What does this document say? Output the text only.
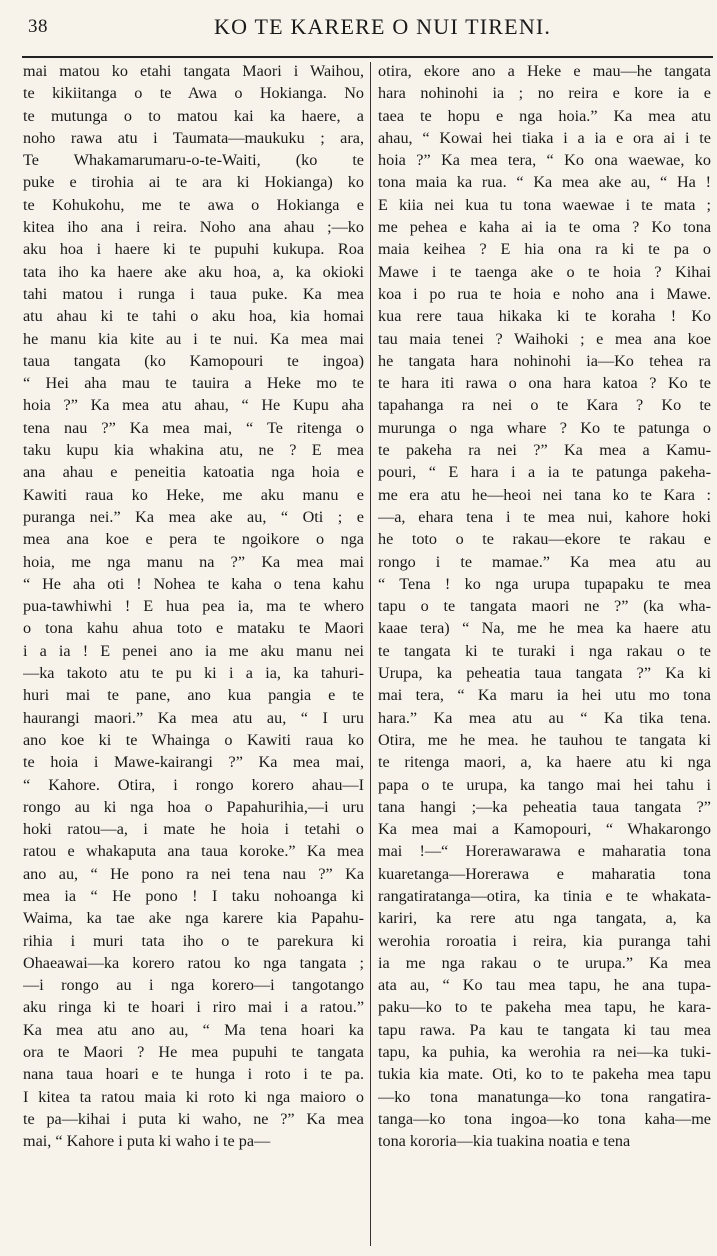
38	KO TE KARERE O NUI TIRENI.
mai matou ko etahi tangata Maori i Waihou,
te kikiitanga o te Awa o Hokianga. No
te mutunga o to matou kai ka haere, a
noho rawa atu i Taumata—maukuku ; ara,
Te Whakamarumaru-o-te-Waiti, (ko te
puke e tirohia ai te ara ki Hokianga) ko
te Kohukohu, me te awa o Hokianga e
kitea iho ana i reira. Noho ana ahau ;—ko
aku hoa i haere ki te pupuhi kukupa. Roa
tata iho ka haere ake aku hoa, a, ka okioki
tahi matou i runga i taua puke. Ka mea
atu ahau ki te tahi o aku hoa, kia homai
he manu kia kite au i te nui. Ka mea mai
taua tangata (ko Kamopouri te ingoa)
“ Hei aha mau te tauira a Heke mo te
hoia ?” Ka mea atu ahau, “ He Kupu aha
tena nau ?” Ka mea mai, “ Te ritenga o
taku kupu kia whakina atu, ne ? E mea
ana ahau e peneitia katoatia nga hoia e
Kawiti raua ko Heke, me aku manu e
puranga nei.” Ka mea ake au, “ Oti ; e
mea ana koe e pera te ngoikore o nga
hoia, me nga manu na ?” Ka mea mai
“ He aha oti ! Nohea te kaha o tena kahu
pua-tawhiwhi ! E hua pea ia, ma te whero
o tona kahu ahua toto e mataku te Maori
i a ia ! E penei ano ia me aku manu nei
—ka takoto atu te pu ki i a ia, ka tahuri-
huri mai te pane, ano kua pangia e te
haurangi maori.” Ka mea atu au, “ I uru
ano koe ki te Whainga o Kawiti raua ko
te hoia i Mawe-kairangi ?” Ka mea mai,
“ Kahore. Otira, i rongo korero ahau—I
rongo au ki nga hoa o Papahurihia,—i uru
hoki ratou—a, i mate he hoia i tetahi o
ratou e whakaputa ana taua koroke.” Ka mea
ano au, “ He pono ra nei tena nau ?” Ka
mea ia “ He pono ! I taku nohoanga ki
Waima, ka tae ake nga karere kia Papahu-
rihia i muri tata iho o te parekura ki
Ohaeawai—ka korero ratou ko nga tangata ;
—i rongo au i nga korero—i tangotango
aku ringa ki te hoari i riro mai i a ratou.”
Ka mea atu ano au, “ Ma tena hoari ka
ora te Maori ? He mea pupuhi te tangata
nana taua hoari e te hunga i roto i te pa.
I kitea ta ratou maia ki roto ki nga maioro o
te pa—kihai i puta ki waho, ne ?” Ka mea
mai, “ Kahore i puta ki waho i te pa—
otira, ekore ano a Heke e mau—he tangata
hara nohinohi ia ; no reira e kore ia e
taea te hopu e nga hoia.” Ka mea atu
ahau, “ Kowai hei tiaka i a ia e ora ai i te
hoia ?” Ka mea tera, “ Ko ona waewae, ko
tona maia ka rua. “ Ka mea ake au, “ Ha !
E kiia nei kua tu tona waewae i te mata ;
me pehea e kaha ai ia te oma ? Ko tona
maia keihea ? E hia ona ra ki te pa o
Mawe i te taenga ake o te hoia ? Kihai
koa i po rua te hoia e noho ana i Mawe.
kua rere taua hikaka ki te koraha ! Ko
tau maia tenei ? Waihoki ; e mea ana koe
he tangata hara nohinohi ia—Ko tehea ra
te hara iti rawa o ona hara katoa ? Ko te
tapahanga ra nei o te Kara ? Ko te
murunga o nga whare ? Ko te patunga o
te pakeha ra nei ?” Ka mea a Kamu-
pouri, “ E hara i a ia te patunga pakeha-
me era atu he—heoi nei tana ko te Kara :
—a, ehara tena i te mea nui, kahore hoki
he toto o te rakau—ekore te rakau e
rongo i te mamae.” Ka mea atu au
“ Tena ! ko nga urupa tupapaku te mea
tapu o te tangata maori ne ?” (ka wha-
kaae tera) “ Na, me he mea ka haere atu
te tangata ki te turaki i nga rakau o te
Urupa, ka peheatia taua tangata ?” Ka ki
mai tera, “ Ka maru ia hei utu mo tona
hara.” Ka mea atu au “ Ka tika tena.
Otira, me he mea. he tauhou te tangata ki
te ritenga maori, a, ka haere atu ki nga
papa o te urupa, ka tango mai hei tahu i
tana hangi ;—ka peheatia taua tangata ?”
Ka mea mai a Kamopouri, “ Whakarongo
mai !—“ Horerawarawa e maharatia tona
kuaretanga—Horerawa e maharatia tona
rangatiratanga—otira, ka tinia e te whakata-
kariri, ka rere atu nga tangata, a, ka
werohia roroatia i reira, kia puranga tahi
ia me nga rakau o te urupa.” Ka mea
ata au, “ Ko tau mea tapu, he ana tupa-
paku—ko to te pakeha mea tapu, he kara-
tapu rawa. Pa kau te tangata ki tau mea
tapu, ka puhia, ka werohia ra nei—ka tuki-
tukia kia mate. Oti, ko to te pakeha mea tapu
—ko tona manatunga—ko tona rangatira-
tanga—ko tona ingoa—ko tona kaha—me
tona kororia—kia tuakina noatia e tena
